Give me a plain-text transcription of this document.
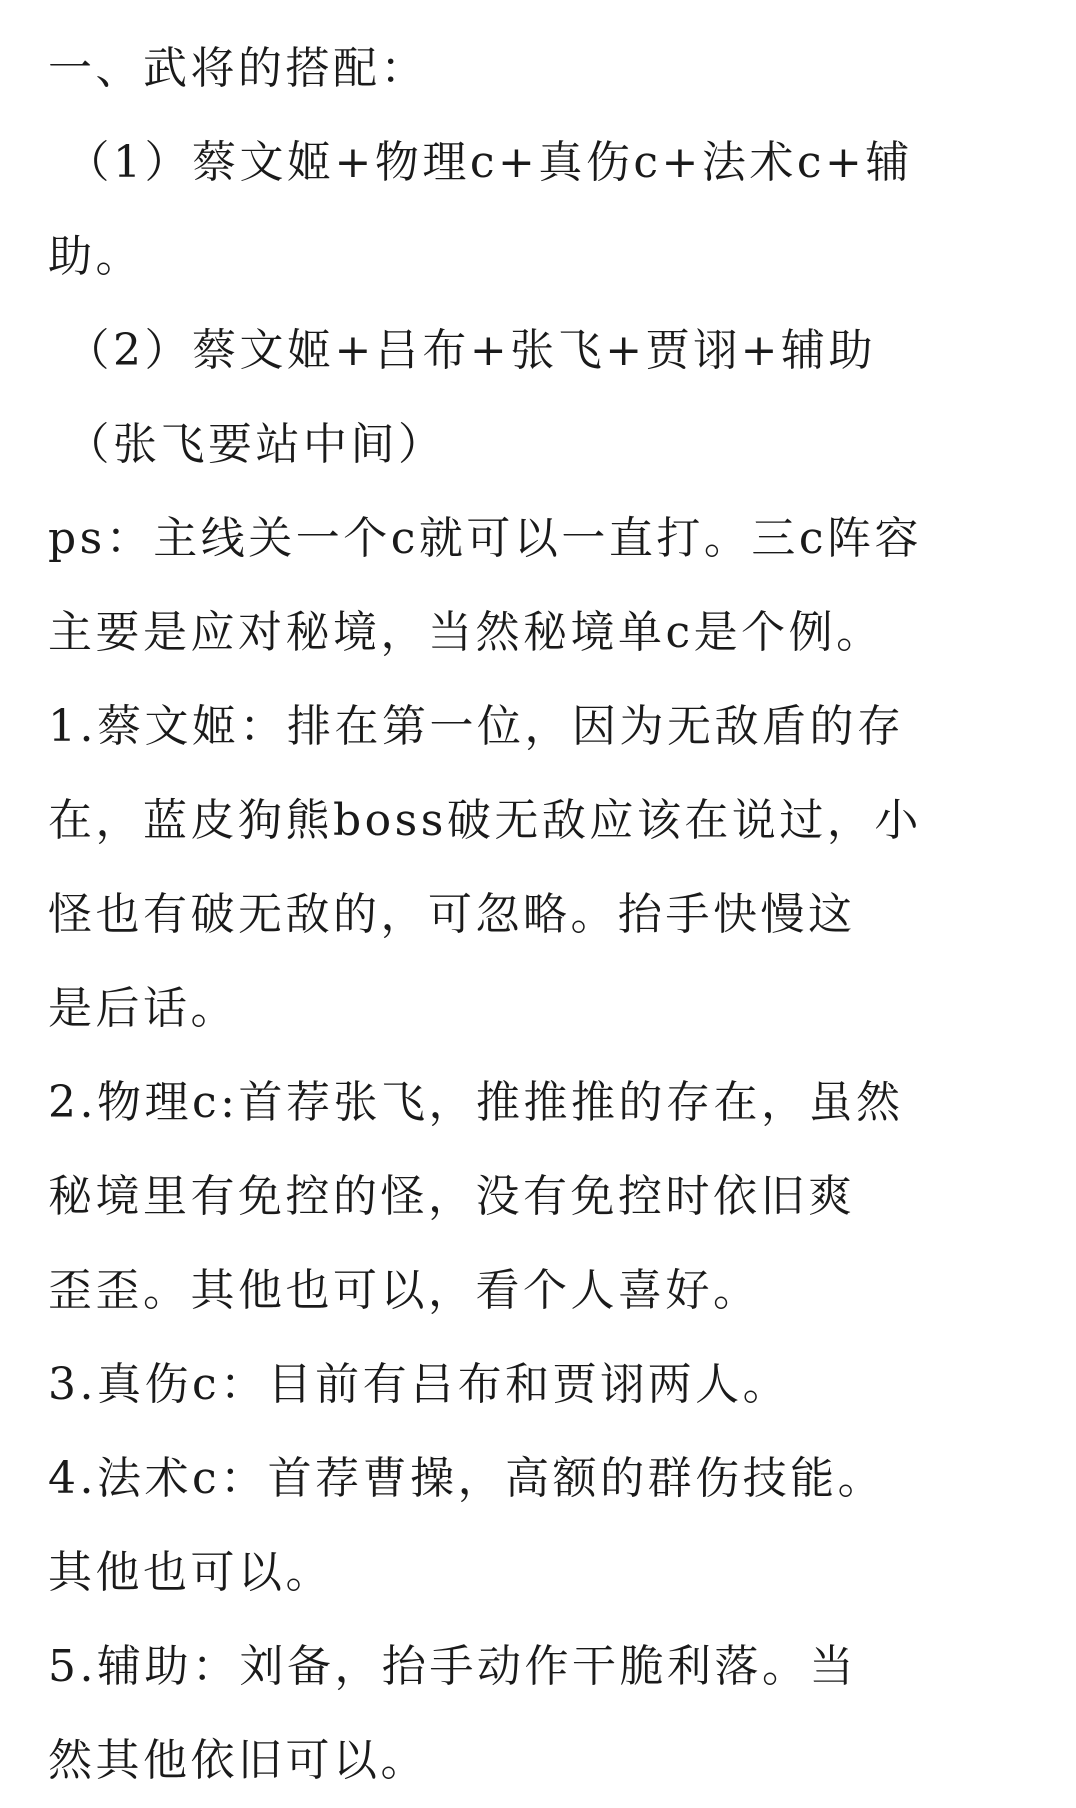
一、武将的搭配：
（1）蔡文姬+物理c+真伤c+法术c+辅
助。
（2）蔡文姬+吕布+张飞+贾诩+辅助
（张飞要站中间）
ps：主线关一个c就可以一直打。三c阵容
主要是应对秘境，当然秘境单c是个例。
1.蔡文姬：排在第一位，因为无敌盾的存
在，蓝皮狗熊boss破无敌应该在说过，小
怪也有破无敌的，可忽略。抬手快慢这
是后话。
2.物理c:首荐张飞，推推推的存在，虽然
秘境里有免控的怪，没有免控时依旧爽
歪歪。其他也可以，看个人喜好。
3.真伤c：目前有吕布和贾诩两人。
4.法术c：首荐曹操，高额的群伤技能。
其他也可以。
5.辅助：刘备，抬手动作干脆利落。当
然其他依旧可以。
